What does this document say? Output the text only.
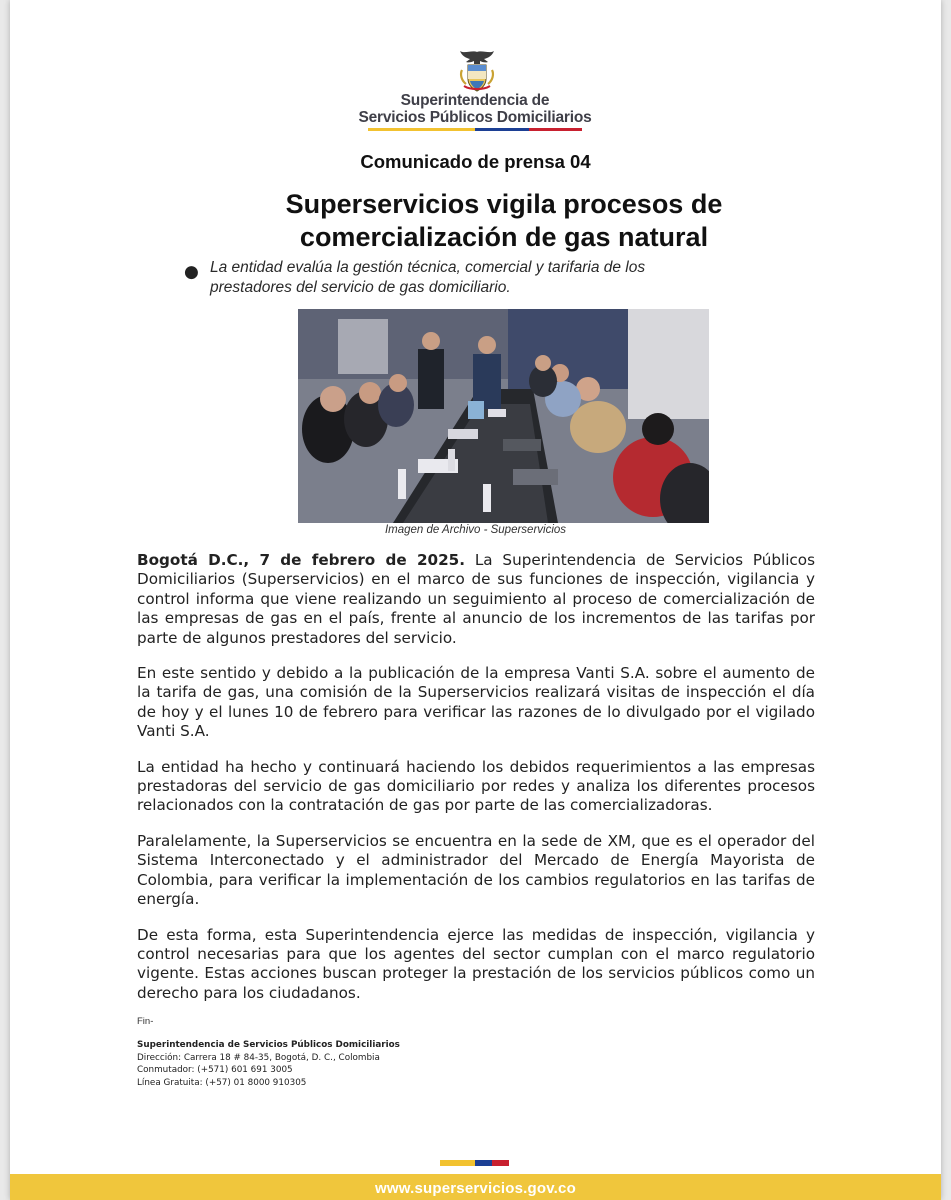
Superintendencia de
Servicios Públicos Domiciliarios
Comunicado de prensa 04
Superservicios vigila procesos de
comercialización de gas natural
● La entidad evalúa la gestión técnica, comercial y tarifaria de los
prestadores del servicio de gas domiciliario.
Imagen de Archivo - Superservicios

Bogotá D.C., 7 de febrero de 2025. La Superintendencia de Servicios Públicos Domiciliarios (Superservicios) en el marco de sus funciones de inspección, vigilancia y control informa que viene realizando un seguimiento al proceso de comercialización de las empresas de gas en el país, frente al anuncio de los incrementos de las tarifas por parte de algunos prestadores del servicio.

En este sentido y debido a la publicación de la empresa Vanti S.A. sobre el aumento de la tarifa de gas, una comisión de la Superservicios realizará visitas de inspección el día de hoy y el lunes 10 de febrero para verificar las razones de lo divulgado por el vigilado Vanti S.A.

La entidad ha hecho y continuará haciendo los debidos requerimientos a las empresas prestadoras del servicio de gas domiciliario por redes y analiza los diferentes procesos relacionados con la contratación de gas por parte de las comercializadoras.

Paralelamente, la Superservicios se encuentra en la sede de XM, que es el operador del Sistema Interconectado y el administrador del Mercado de Energía Mayorista de Colombia, para verificar la implementación de los cambios regulatorios en las tarifas de energía.

De esta forma, esta Superintendencia ejerce las medidas de inspección, vigilancia y control necesarias para que los agentes del sector cumplan con el marco regulatorio vigente. Estas acciones buscan proteger la prestación de los servicios públicos como un derecho para los ciudadanos.

Fin-
Superintendencia de Servicios Públicos Domiciliarios
Dirección: Carrera 18 # 84-35, Bogotá, D. C., Colombia
Conmutador: (+571) 601 691 3005
Línea Gratuita: (+57) 01 8000 910305
www.superservicios.gov.co
